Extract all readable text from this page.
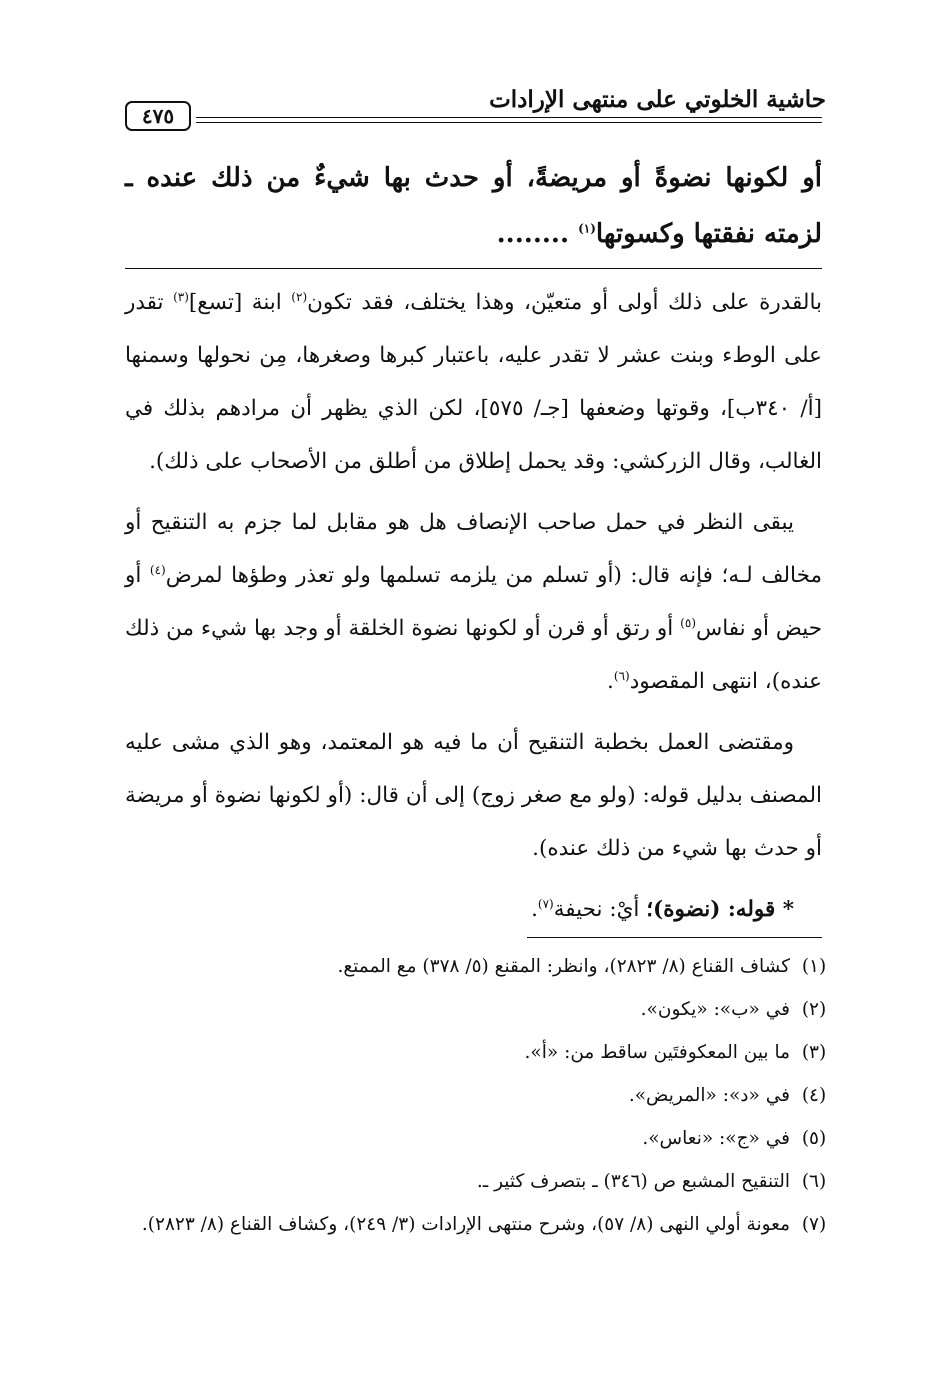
حاشية الخلوتي على منتهى الإرادات
٤٧٥
أو لكونها نضوةً أو مريضةً، أو حدث بها شيءٌ من ذلك عنده ـ لزمته نفقتها وكسوتها$^{(١)}$ ........

بالقدرة على ذلك أولى أو متعيّن، وهذا يختلف، فقد تكون$^{(٢)}$ ابنة [تسع]$^{(٣)}$ تقدر على الوطء وبنت عشر لا تقدر عليه، باعتبار كبرها وصغرها، مِن نحولها وسمنها [أ/ ٣٤٠ب]، وقوتها وضعفها [جـ/ ٥٧٥]، لكن الذي يظهر أن مرادهم بذلك في الغالب، وقال الزركشي: وقد يحمل إطلاق من أطلق من الأصحاب على ذلك).

يبقى النظر في حمل صاحب الإنصاف هل هو مقابل لما جزم به التنقيح أو مخالف لـه؛ فإنه قال: (أو تسلم من يلزمه تسلمها ولو تعذر وطؤها لمرض$^{(٤)}$ أو حيض أو نفاس$^{(٥)}$ أو رتق أو قرن أو لكونها نضوة الخلقة أو وجد بها شيء من ذلك عنده)، انتهى المقصود$^{(٦)}$.

ومقتضى العمل بخطبة التنقيح أن ما فيه هو المعتمد، وهو الذي مشى عليه المصنف بدليل قوله: (ولو مع صغر زوج) إلى أن قال: (أو لكونها نضوة أو مريضة أو حدث بها شيء من ذلك عنده).

* قوله: (نضوة)؛ أيْ: نحيفة$^{(٧)}$.

(١)
كشاف القناع (٨/ ٢٨٢٣)، وانظر: المقنع (٥/ ٣٧٨) مع الممتع.
(٢)
في «ب»: «يكون».
(٣)
ما بين المعكوفتَين ساقط من: «أ».
(٤)
في «د»: «المريض».
(٥)
في «ج»: «نعاس».
(٦)
التنقيح المشبع ص (٣٤٦) ـ بتصرف كثير ـ.
(٧)
معونة أولي النهى (٨/ ٥٧)، وشرح منتهى الإرادات (٣/ ٢٤٩)، وكشاف القناع (٨/ ٢٨٢٣).
